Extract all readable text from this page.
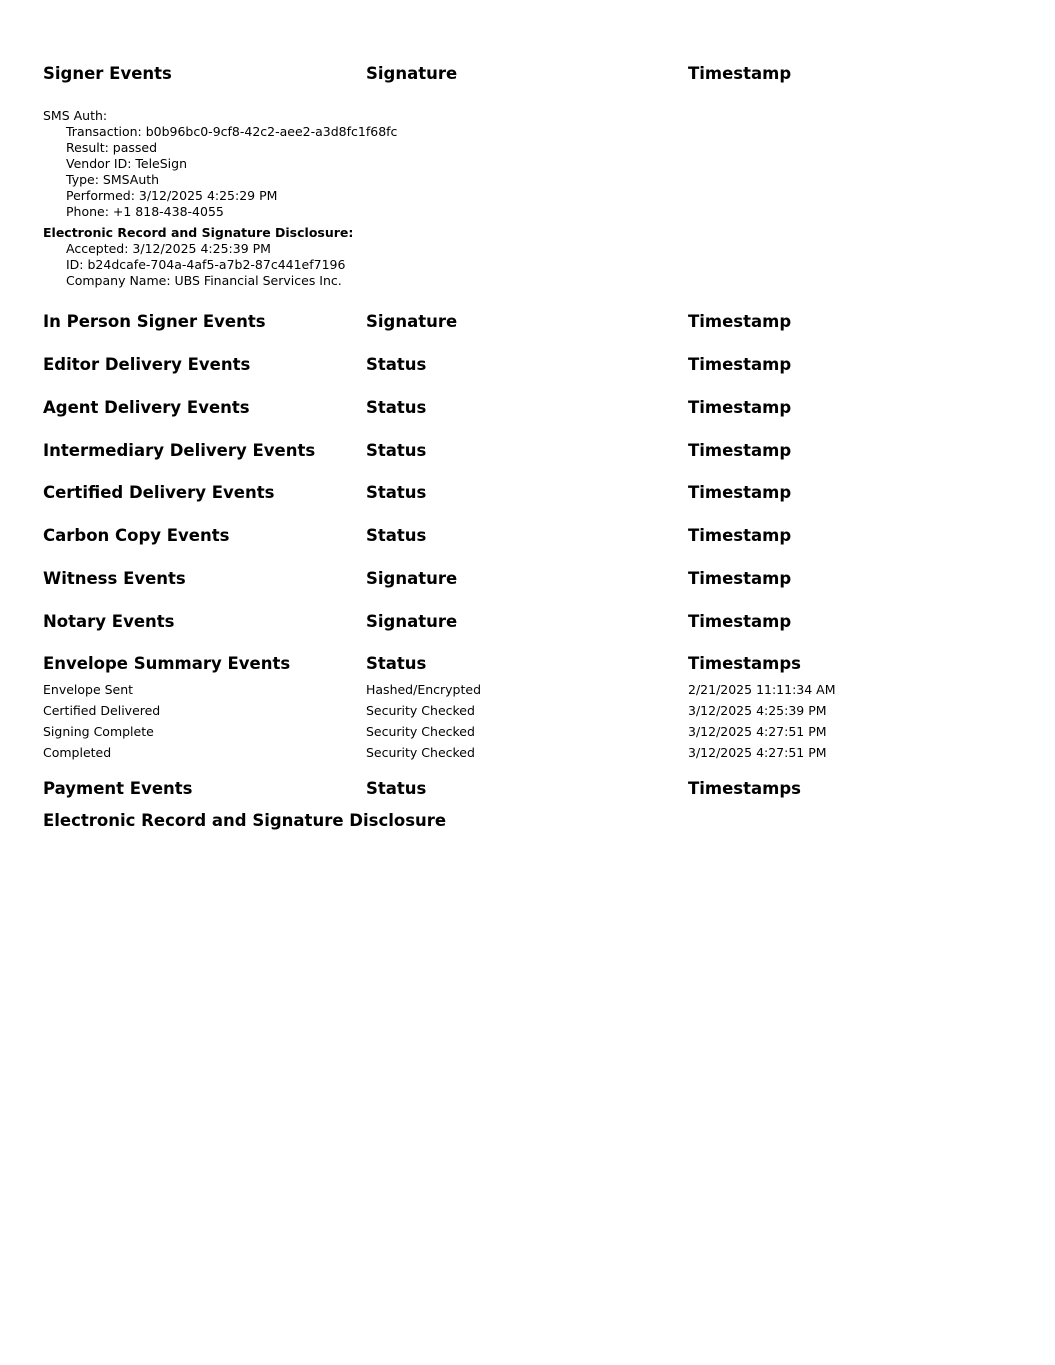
Signer Events	Signature	Timestamp
SMS Auth:
Transaction: b0b96bc0-9cf8-42c2-aee2-a3d8fc1f68fc
Result: passed
Vendor ID: TeleSign
Type: SMSAuth
Performed: 3/12/2025 4:25:29 PM
Phone: +1 818-438-4055
Electronic Record and Signature Disclosure:
Accepted: 3/12/2025 4:25:39 PM
ID: b24dcafe-704a-4af5-a7b2-87c441ef7196
Company Name: UBS Financial Services Inc.
In Person Signer Events	Signature	Timestamp
Editor Delivery Events	Status	Timestamp
Agent Delivery Events	Status	Timestamp
Intermediary Delivery Events	Status	Timestamp
Certified Delivery Events	Status	Timestamp
Carbon Copy Events	Status	Timestamp
Witness Events	Signature	Timestamp
Notary Events	Signature	Timestamp
Envelope Summary Events	Status	Timestamps
Envelope Sent	Hashed/Encrypted	2/21/2025 11:11:34 AM
Certified Delivered	Security Checked	3/12/2025 4:25:39 PM
Signing Complete	Security Checked	3/12/2025 4:27:51 PM
Completed	Security Checked	3/12/2025 4:27:51 PM
Payment Events	Status	Timestamps
Electronic Record and Signature Disclosure
